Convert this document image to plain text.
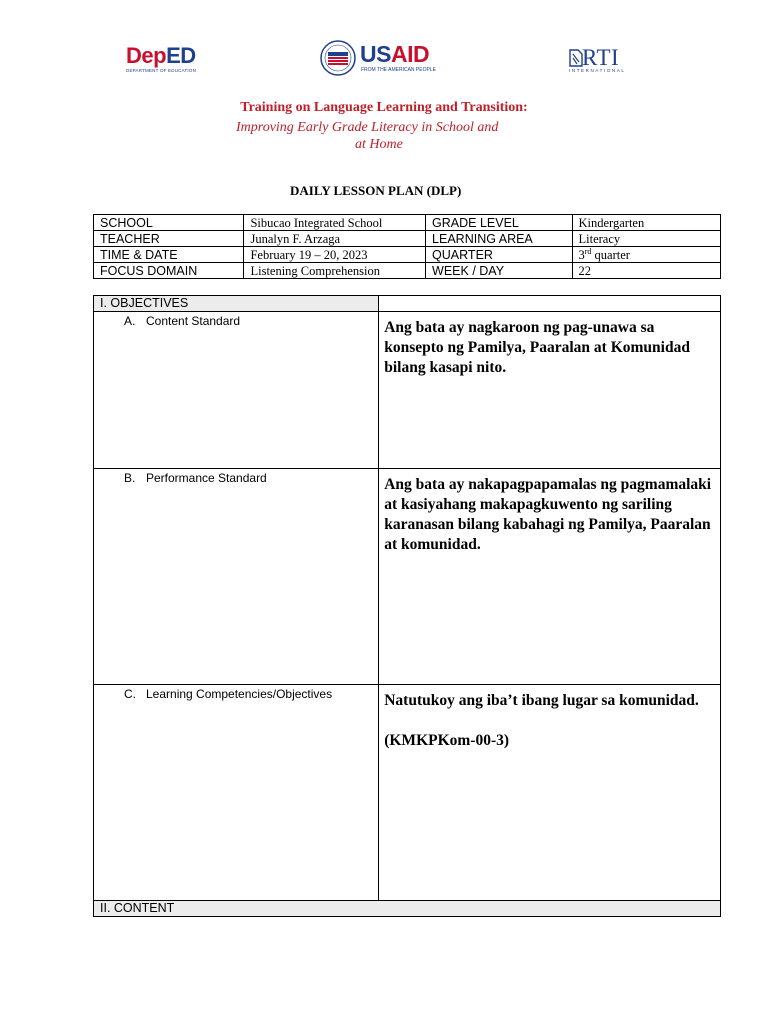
DepED
DEPARTMENT OF EDUCATION
USAID
FROM THE AMERICAN PEOPLE	RTI
INTERNATIONAL
Training on Language Learning and Transition:
Improving Early Grade Literacy in School and
at Home
DAILY LESSON PLAN (DLP)
SCHOOL	Sibucao Integrated School	GRADE LEVEL	Kindergarten
TEACHER	Junalyn F. Arzaga	LEARNING AREA	Literacy
TIME & DATE	February 19 – 20, 2023	QUARTER	3rd quarter
FOCUS DOMAIN	Listening Comprehension	WEEK / DAY	22
I. OBJECTIVES	

A. Content Standard	Ang bata ay nagkaroon ng pag-unawa sa konsepto ng Pamilya, Paaralan at Komunidad bilang kasapi nito.

B. Performance Standard	Ang bata ay nakapagpapamalas ng pagmamalaki at kasiyahang makapagkuwento ng sariling karanasan bilang kabahagi ng Pamilya, Paaralan at komunidad.

C. Learning Competencies/Objectives	Natutukoy ang iba’t ibang lugar sa komunidad.

(KMKPKom-00-3)

II. CONTENT	
